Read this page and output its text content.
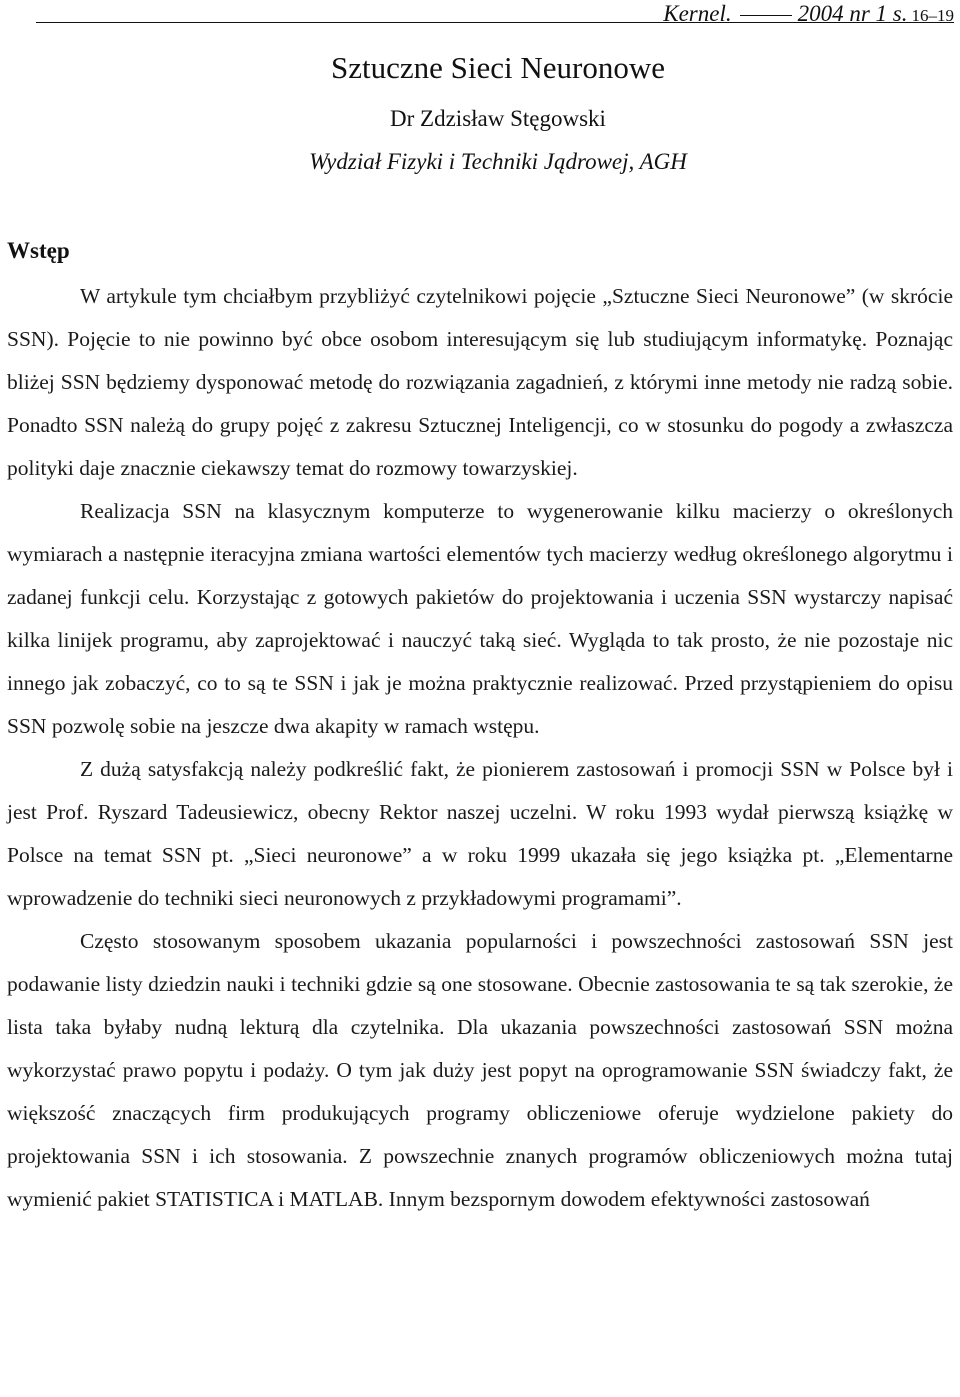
Kernel.	2004 nr 1 s. 16–19
Sztuczne Sieci Neuronowe
Dr Zdzisław Stęgowski
Wydział Fizyki i Techniki Jądrowej, AGH
Wstęp

W artykule tym chciałbym przybliżyć czytelnikowi pojęcie „Sztuczne Sieci Neuronowe” (w skrócie SSN). Pojęcie to nie powinno być obce osobom interesującym się lub studiującym informatykę. Poznając bliżej SSN będziemy dysponować metodę do rozwiązania zagadnień, z którymi inne metody nie radzą sobie. Ponadto SSN należą do grupy pojęć z zakresu Sztucznej Inteligencji, co w stosunku do pogody a zwłaszcza polityki daje znacznie ciekawszy temat do rozmowy towarzyskiej.

Realizacja SSN na klasycznym komputerze to wygenerowanie kilku macierzy o określonych wymiarach a następnie iteracyjna zmiana wartości elementów tych macierzy według określonego algorytmu i zadanej funkcji celu. Korzystając z gotowych pakietów do projektowania i uczenia SSN wystarczy napisać kilka linijek programu, aby zaprojektować i nauczyć taką sieć. Wygląda to tak prosto, że nie pozostaje nic innego jak zobaczyć, co to są te SSN i jak je można praktycznie realizować. Przed przystąpieniem do opisu SSN pozwolę sobie na jeszcze dwa akapity w ramach wstępu.

Z dużą satysfakcją należy podkreślić fakt, że pionierem zastosowań i promocji SSN w Polsce był i jest Prof. Ryszard Tadeusiewicz, obecny Rektor naszej uczelni. W roku 1993 wydał pierwszą książkę w Polsce na temat SSN pt. „Sieci neuronowe” a w roku 1999 ukazała się jego książka pt. „Elementarne wprowadzenie do techniki sieci neuronowych z przykładowymi programami”.

Często stosowanym sposobem ukazania popularności i powszechności zastosowań SSN jest podawanie listy dziedzin nauki i techniki gdzie są one stosowane. Obecnie zastosowania te są tak szerokie, że lista taka byłaby nudną lekturą dla czytelnika. Dla ukazania powszechności zastosowań SSN można wykorzystać prawo popytu i podaży. O tym jak duży jest popyt na oprogramowanie SSN świadczy fakt, że większość znaczących firm produkujących programy obliczeniowe oferuje wydzielone pakiety do projektowania SSN i ich stosowania. Z powszechnie znanych programów obliczeniowych można tutaj wymienić pakiet STATISTICA i MATLAB. Innym bezspornym dowodem efektywności zastosowań
